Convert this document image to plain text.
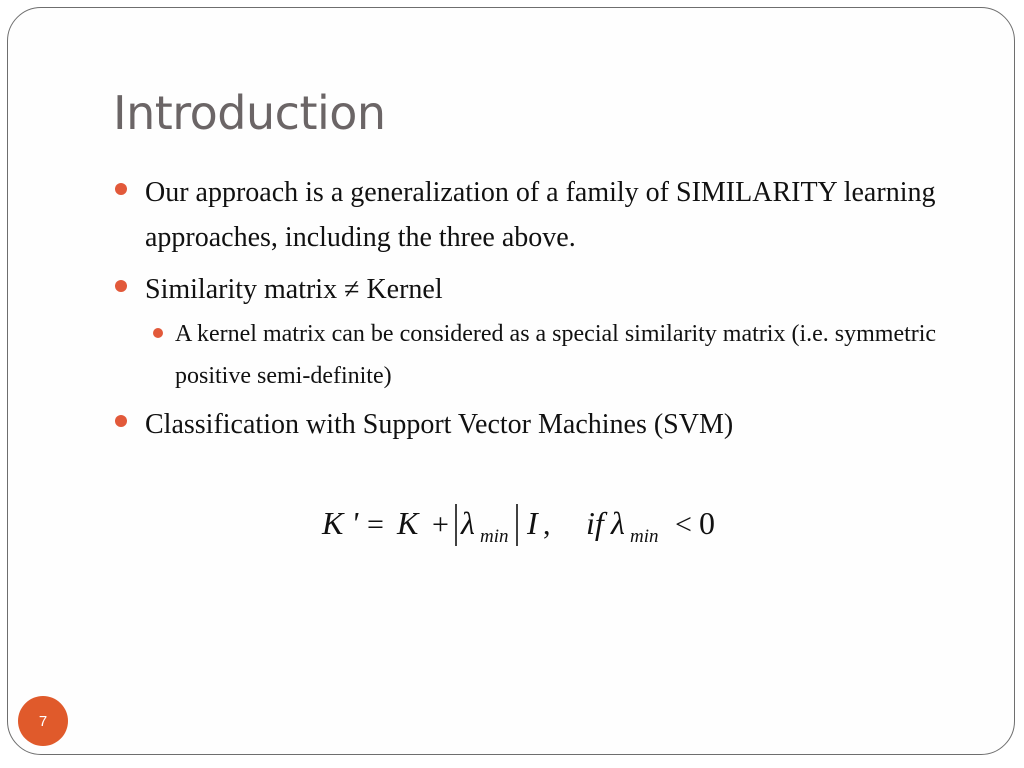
Introduction
Our approach is a generalization of a family of SIMILARITY learning approaches, including the three above.
Similarity matrix ≠ Kernel
A kernel matrix can be considered as a special similarity matrix (i.e. symmetric positive semi-definite)
Classification with Support Vector Machines (SVM)
K ' = K + λ min I , if λ min < 0
7
